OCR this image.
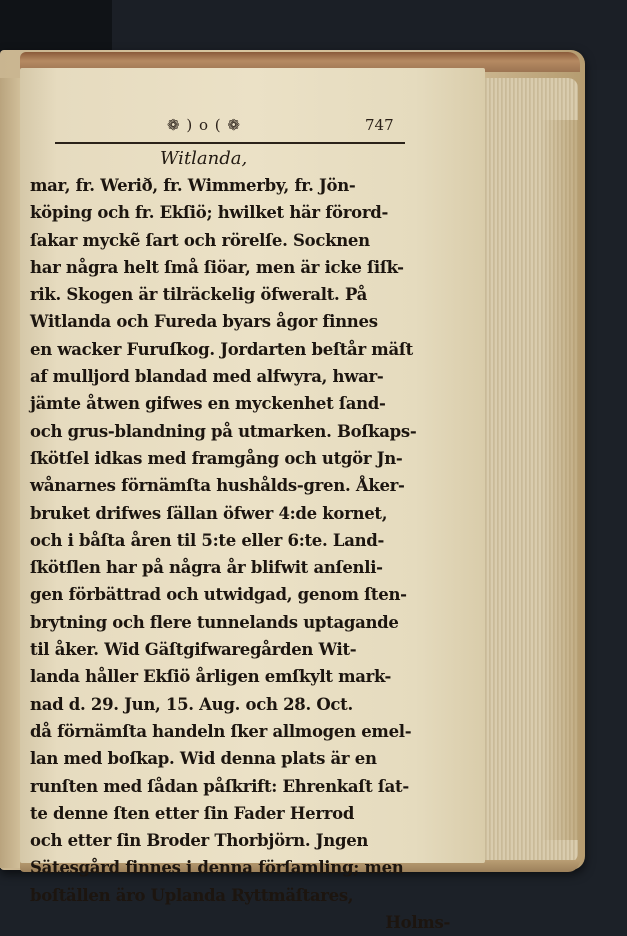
❁ ) o ( ❁	747
Witlanda,
mar, fr. Werið, fr. Wimmerby, fr. Jön-
köping och fr. Ekſiö; hwilket här förord-
ſakar myckẽ ſart och rörelſe. Socknen
har några helt ſmå ſiöar, men är icke ſiſk-
rik. Skogen är tilräckelig öfweralt. På
Witlanda och Fureda byars ågor finnes
en wacker Furuſkog. Jordarten beſtår mäſt
af mulljord blandad med alfwyra, hwar-
jämte åtwen gifwes en myckenhet ſand-
och grus-blandning på utmarken. Boſkaps-
ſkötſel idkas med framgång och utgör Jn-
wånarnes förnämſta hushålds-gren. Åker-
bruket drifwes ſällan öfwer 4:de kornet,
och i båſta åren til 5:te eller 6:te. Land-
ſkötſlen har på några år blifwit anſenli-
gen förbättrad och utwidgad, genom ſten-
brytning och flere tunnelands uptagande
til åker. Wid Gäſtgifwaregården Wit-
landa håller Ekſiö årligen emſkylt mark-
nad d. 29. Jun, 15. Aug. och 28. Oct.
då förnämſta handeln ſker allmogen emel-
lan med boſkap. Wid denna plats är en
runſten med ſådan påſkrift: Ehrenkaſt ſat-
te denne ſten etter ſin Fader Herrod
och etter ſin Broder Thorbjörn. Jngen
Sätesgård finnes i denna förſamling; men
boſtällen äro Uplanda Ryttmäſtares,
Holms-
